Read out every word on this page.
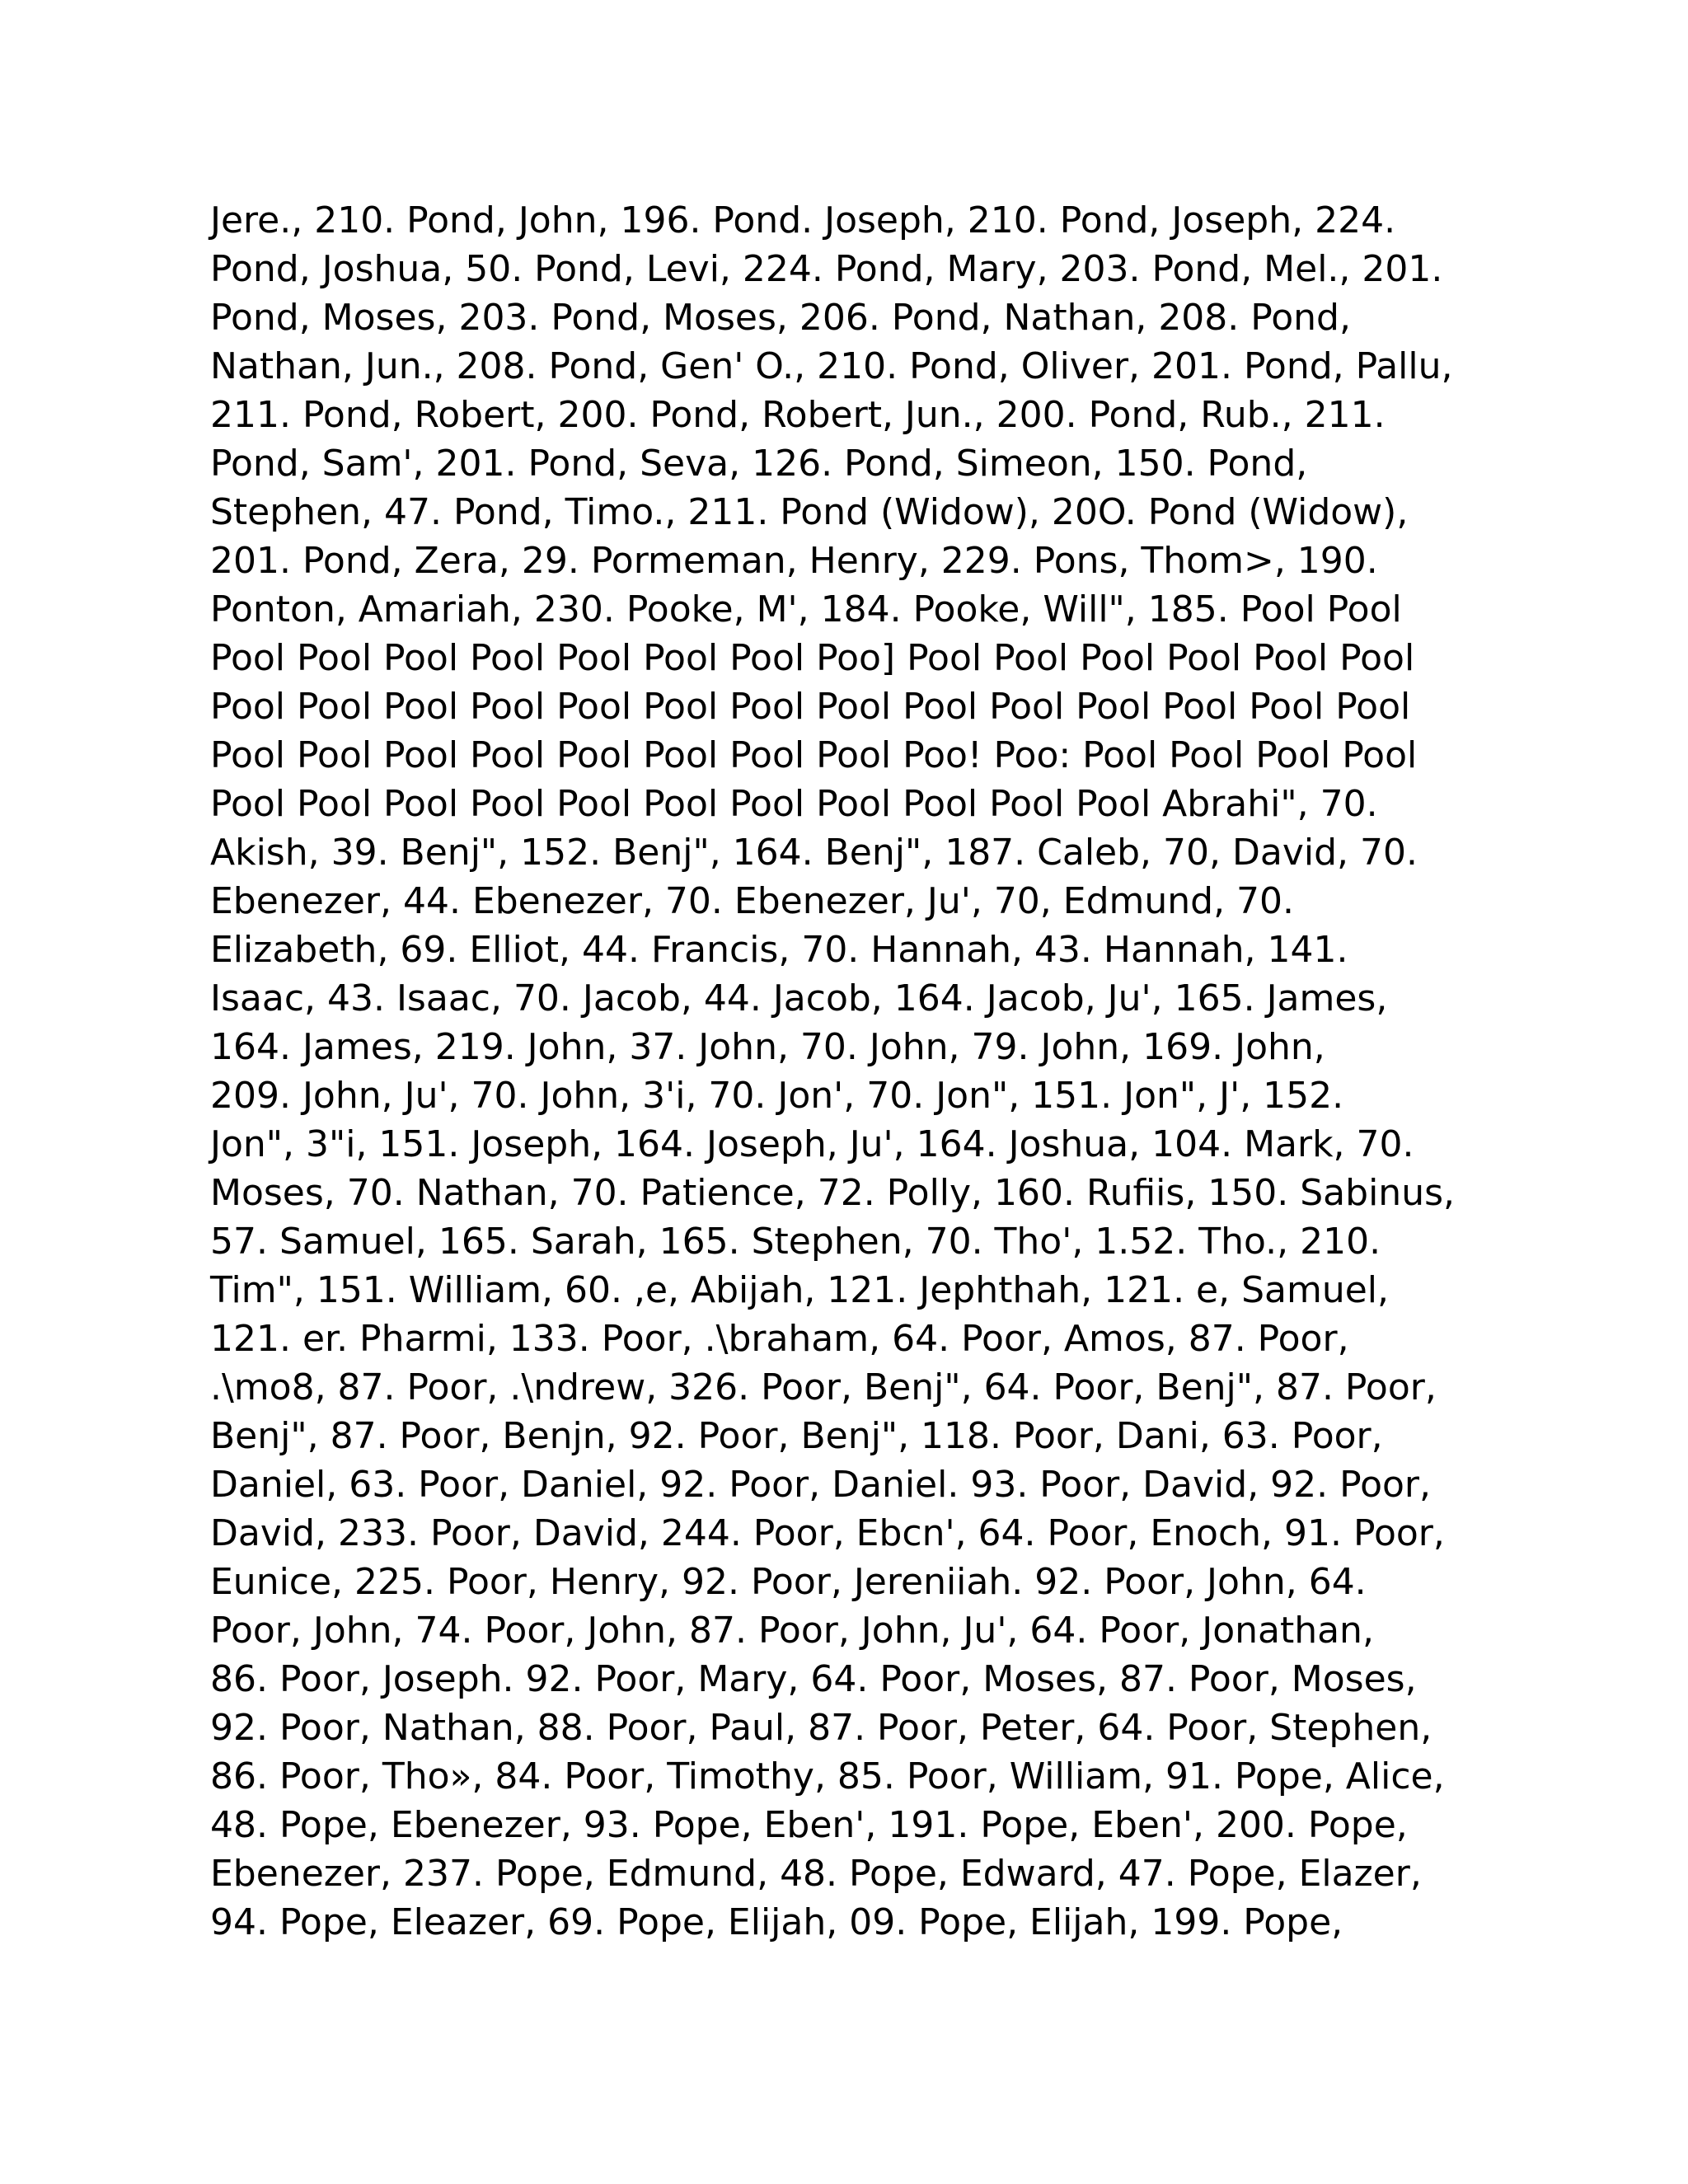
Jere., 210. Pond, John, 196. Pond. Joseph, 210. Pond, Joseph, 224.
Pond, Joshua, 50. Pond, Levi, 224. Pond, Mary, 203. Pond, Mel., 201.
Pond, Moses, 203. Pond, Moses, 206. Pond, Nathan, 208. Pond,
Nathan, Jun., 208. Pond, Gen' O., 210. Pond, Oliver, 201. Pond, Pallu,
211. Pond, Robert, 200. Pond, Robert, Jun., 200. Pond, Rub., 211.
Pond, Sam', 201. Pond, Seva, 126. Pond, Simeon, 150. Pond,
Stephen, 47. Pond, Timo., 211. Pond (Widow), 20O. Pond (Widow),
201. Pond, Zera, 29. Pormeman, Henry, 229. Pons, Thom>, 190.
Ponton, Amariah, 230. Pooke, M', 184. Pooke, Will", 185. Pool Pool
Pool Pool Pool Pool Pool Pool Pool Poo] Pool Pool Pool Pool Pool Pool
Pool Pool Pool Pool Pool Pool Pool Pool Pool Pool Pool Pool Pool Pool
Pool Pool Pool Pool Pool Pool Pool Pool Poo! Poo: Pool Pool Pool Pool
Pool Pool Pool Pool Pool Pool Pool Pool Pool Pool Pool Abrahi", 70.
Akish, 39. Benj", 152. Benj", 164. Benj", 187. Caleb, 70, David, 70.
Ebenezer, 44. Ebenezer, 70. Ebenezer, Ju', 70, Edmund, 70.
Elizabeth, 69. Elliot, 44. Francis, 70. Hannah, 43. Hannah, 141.
Isaac, 43. Isaac, 70. Jacob, 44. Jacob, 164. Jacob, Ju', 165. James,
164. James, 219. John, 37. John, 70. John, 79. John, 169. John,
209. John, Ju', 70. John, 3'i, 70. Jon', 70. Jon", 151. Jon", J', 152.
Jon", 3"i, 151. Joseph, 164. Joseph, Ju', 164. Joshua, 104. Mark, 70.
Moses, 70. Nathan, 70. Patience, 72. Polly, 160. Rufiis, 150. Sabinus,
57. Samuel, 165. Sarah, 165. Stephen, 70. Tho', 1.52. Tho., 210.
Tim", 151. William, 60. ,e, Abijah, 121. Jephthah, 121. e, Samuel,
121. er. Pharmi, 133. Poor, .\braham, 64. Poor, Amos, 87. Poor,
.\mo8, 87. Poor, .\ndrew, 326. Poor, Benj", 64. Poor, Benj", 87. Poor,
Benj", 87. Poor, Benjn, 92. Poor, Benj", 118. Poor, Dani, 63. Poor,
Daniel, 63. Poor, Daniel, 92. Poor, Daniel. 93. Poor, David, 92. Poor,
David, 233. Poor, David, 244. Poor, Ebcn', 64. Poor, Enoch, 91. Poor,
Eunice, 225. Poor, Henry, 92. Poor, Jereniiah. 92. Poor, John, 64.
Poor, John, 74. Poor, John, 87. Poor, John, Ju', 64. Poor, Jonathan,
86. Poor, Joseph. 92. Poor, Mary, 64. Poor, Moses, 87. Poor, Moses,
92. Poor, Nathan, 88. Poor, Paul, 87. Poor, Peter, 64. Poor, Stephen,
86. Poor, Tho», 84. Poor, Timothy, 85. Poor, William, 91. Pope, Alice,
48. Pope, Ebenezer, 93. Pope, Eben', 191. Pope, Eben', 200. Pope,
Ebenezer, 237. Pope, Edmund, 48. Pope, Edward, 47. Pope, Elazer,
94. Pope, Eleazer, 69. Pope, Elijah, 09. Pope, Elijah, 199. Pope,
